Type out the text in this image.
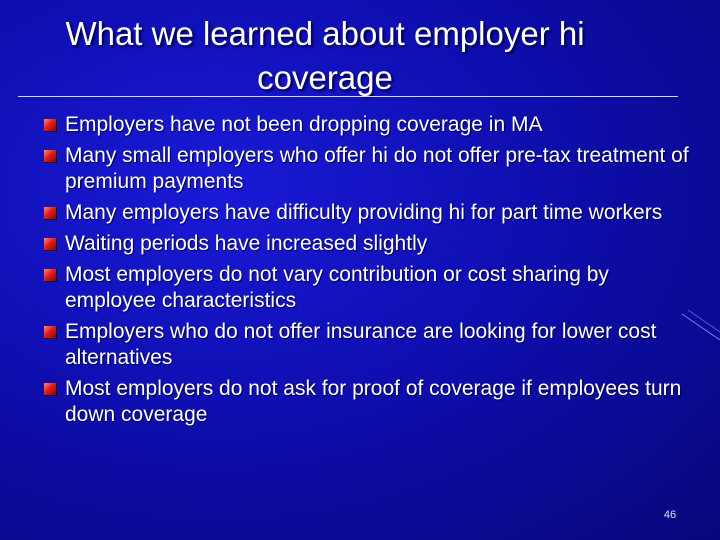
What we learned about employer hi
coverage
Employers have not been dropping coverage in MA
Many small employers who offer hi do not offer pre-tax treatment of premium payments
Many employers have difficulty providing hi for part time workers
Waiting periods have increased slightly
Most employers do not vary contribution or cost sharing by employee characteristics
Employers who do not offer insurance are looking for lower cost alternatives
Most employers do not ask for proof of coverage if employees turn down coverage
46
